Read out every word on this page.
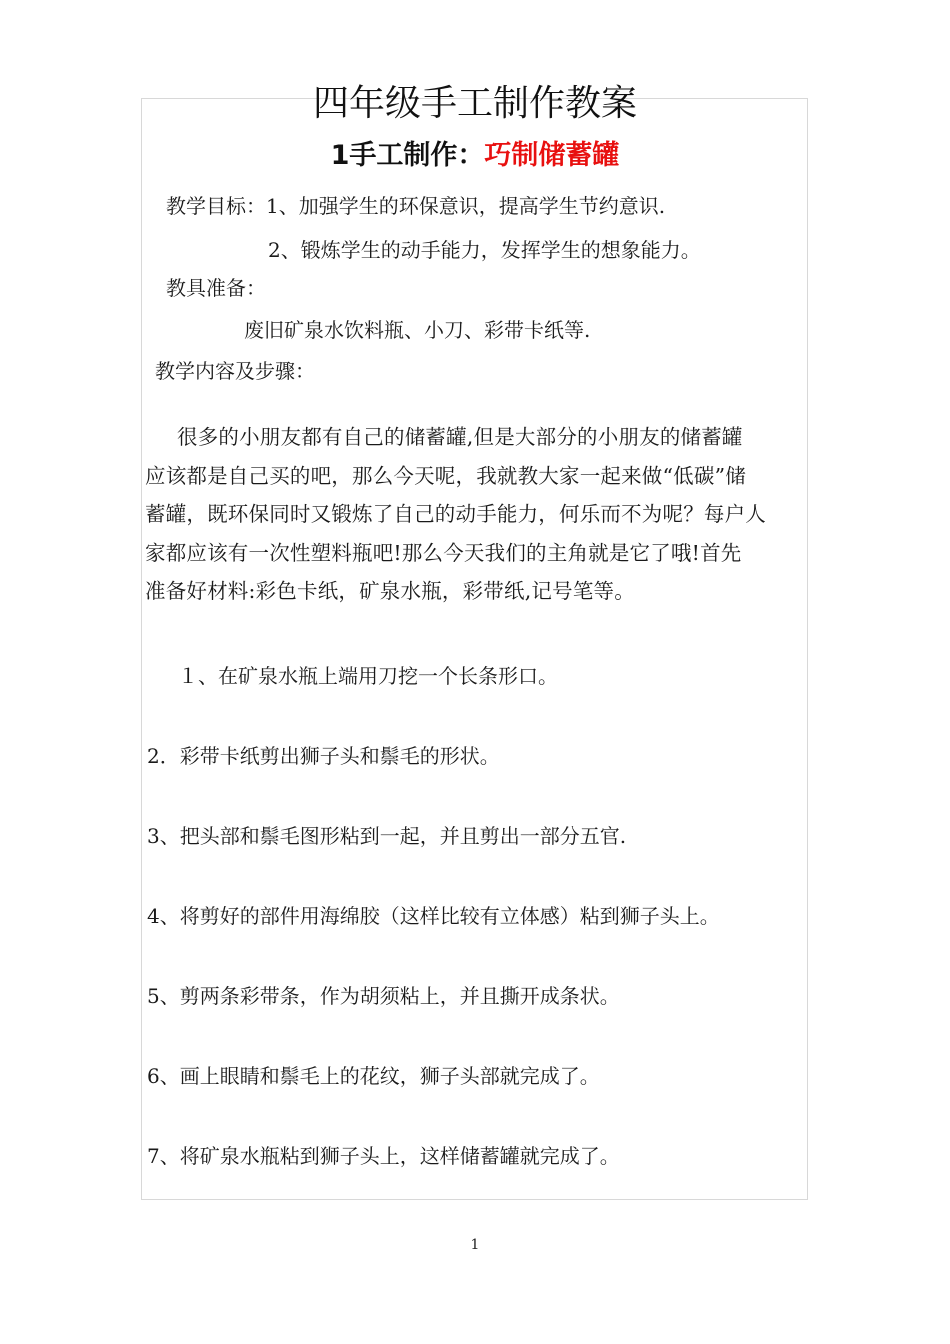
四年级手工制作教案
1手工制作：巧制储蓄罐
教学目标：1、加强学生的环保意识，提高学生节约意识.
2、锻炼学生的动手能力，发挥学生的想象能力。
教具准备：
废旧矿泉水饮料瓶、小刀、彩带卡纸等.
教学内容及步骤：
很多的小朋友都有自己的储蓄罐,但是大部分的小朋友的储蓄罐
应该都是自己买的吧，那么今天呢，我就教大家一起来做“低碳”储
蓄罐，既环保同时又锻炼了自己的动手能力，何乐而不为呢？每户人
家都应该有一次性塑料瓶吧!那么今天我们的主角就是它了哦!首先
准备好材料:彩色卡纸，矿泉水瓶，彩带纸,记号笔等。
１、在矿泉水瓶上端用刀挖一个长条形口。
2．彩带卡纸剪出狮子头和鬃毛的形状。
3、把头部和鬃毛图形粘到一起，并且剪出一部分五官.
4、将剪好的部件用海绵胶（这样比较有立体感）粘到狮子头上。
5、剪两条彩带条，作为胡须粘上，并且撕开成条状。
6、画上眼睛和鬃毛上的花纹，狮子头部就完成了。
7、将矿泉水瓶粘到狮子头上，这样储蓄罐就完成了。
1
